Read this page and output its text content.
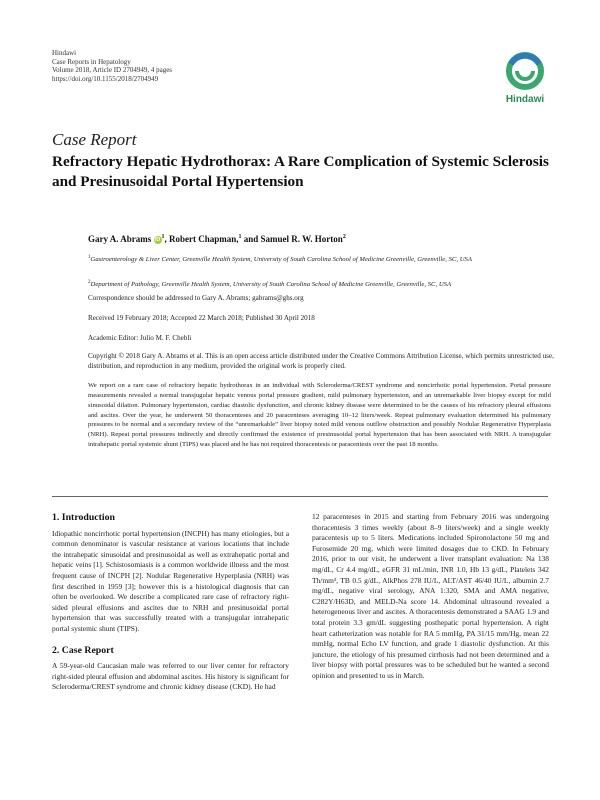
Hindawi
Case Reports in Hepatology
Volume 2018, Article ID 2704949, 4 pages
https://doi.org/10.1155/2018/2704949
Hindawi
Case Report
Refractory Hepatic Hydrothorax: A Rare Complication of Systemic Sclerosis and Presinusoidal Portal Hypertension
Gary A. Abrams $iD^1$, Robert Chapman,$^1$ and Samuel R. W. Horton$^2$
$^1$Gastroenterology & Liver Center, Greenville Health System, University of South Carolina School of Medicine Greenville, Greenville, SC, USA
$^2$Department of Pathology, Greenville Health System, University of South Carolina School of Medicine Greenville, Greenville, SC, USA
Correspondence should be addressed to Gary A. Abrams; gabrams@ghs.org
Received 19 February 2018; Accepted 22 March 2018; Published 30 April 2018
Academic Editor: Julio M. F. Chebli
Copyright © 2018 Gary A. Abrams et al. This is an open access article distributed under the Creative Commons Attribution License, which permits unrestricted use, distribution, and reproduction in any medium, provided the original work is properly cited.
We report on a rare case of refractory hepatic hydrothorax in an individual with Scleroderma/CREST syndrome and noncirrhotic portal hypertension. Portal pressure measurements revealed a normal transjugular hepatic venous portal pressure gradient, mild pulmonary hypertension, and an unremarkable liver biopsy except for mild sinusoidal dilation. Pulmonary hypertension, cardiac diastolic dysfunction, and chronic kidney disease were determined to be the causes of his refractory pleural effusions and ascites. Over the year, he underwent 50 thoracenteses and 20 paracenteses averaging 10–12 liters/week. Repeat pulmonary evaluation determined his pulmonary pressures to be normal and a secondary review of the “unremarkable” liver biopsy noted mild venous outflow obstruction and possibly Nodular Regenerative Hyperplasia (NRH). Repeat portal pressures indirectly and directly confirmed the existence of presinusoidal portal hypertension that has been associated with NRH. A transjugular intrahepatic portal systemic shunt (TIPS) was placed and he has not required thoracentesis or paracentesis over the past 18 months.
1. Introduction

Idiopathic noncirrhotic portal hypertension (INCPH) has many etiologies, but a common denominator is vascular resistance at various locations that include the intrahepatic sinusoidal and presinusoidal as well as extrahepatic portal and hepatic veins [1]. Schistosomiasis is a common worldwide illness and the most frequent cause of INCPH [2]. Nodular Regenerative Hyperplasia (NRH) was first described in 1959 [3]; however this is a histological diagnosis that can often be overlooked. We describe a complicated rare case of refractory right-sided pleural effusions and ascites due to NRH and presinusoidal portal hypertension that was successfully treated with a transjugular intrahepatic portal systemic shunt (TIPS).

2. Case Report

A 59-year-old Caucasian male was referred to our liver center for refractory right-sided pleural effusion and abdominal ascites. His history is significant for Scleroderma/CREST syndrome and chronic kidney disease (CKD). He had

12 paracenteses in 2015 and starting from February 2016 was undergoing thoracentesis 3 times weekly (about 8–9 liters/week) and a single weekly paracentesis up to 5 liters. Medications included Spironolactone 50 mg and Furosemide 20 mg, which were limited dosages due to CKD. In February 2016, prior to our visit, he underwent a liver transplant evaluation: Na 138 mg/dL, Cr 4.4 mg/dL, eGFR 31 mL/min, INR 1.0, Hb 13 g/dL, Platelets 342 Th/mm³, TB 0.5 g/dL, AlkPhos 278 IU/L, ALT/AST 46/40 IU/L, albumin 2.7 mg/dL, negative viral serology, ANA 1:320, SMA and AMA negative, C282Y/H63D, and MELD-Na score 14. Abdominal ultrasound revealed a heterogeneous liver and ascites. A thoracentesis demonstrated a SAAG 1.9 and total protein 3.3 gm/dL suggesting posthepatic portal hypertension. A right heart catheterization was notable for RA 5 mmHg, PA 31/15 mm/Hg, mean 22 mmHg, normal Echo LV function, and grade 1 diastolic dysfunction. At this juncture, the etiology of his presumed cirrhosis had not been determined and a liver biopsy with portal pressures was to be scheduled but he wanted a second opinion and presented to us in March.
